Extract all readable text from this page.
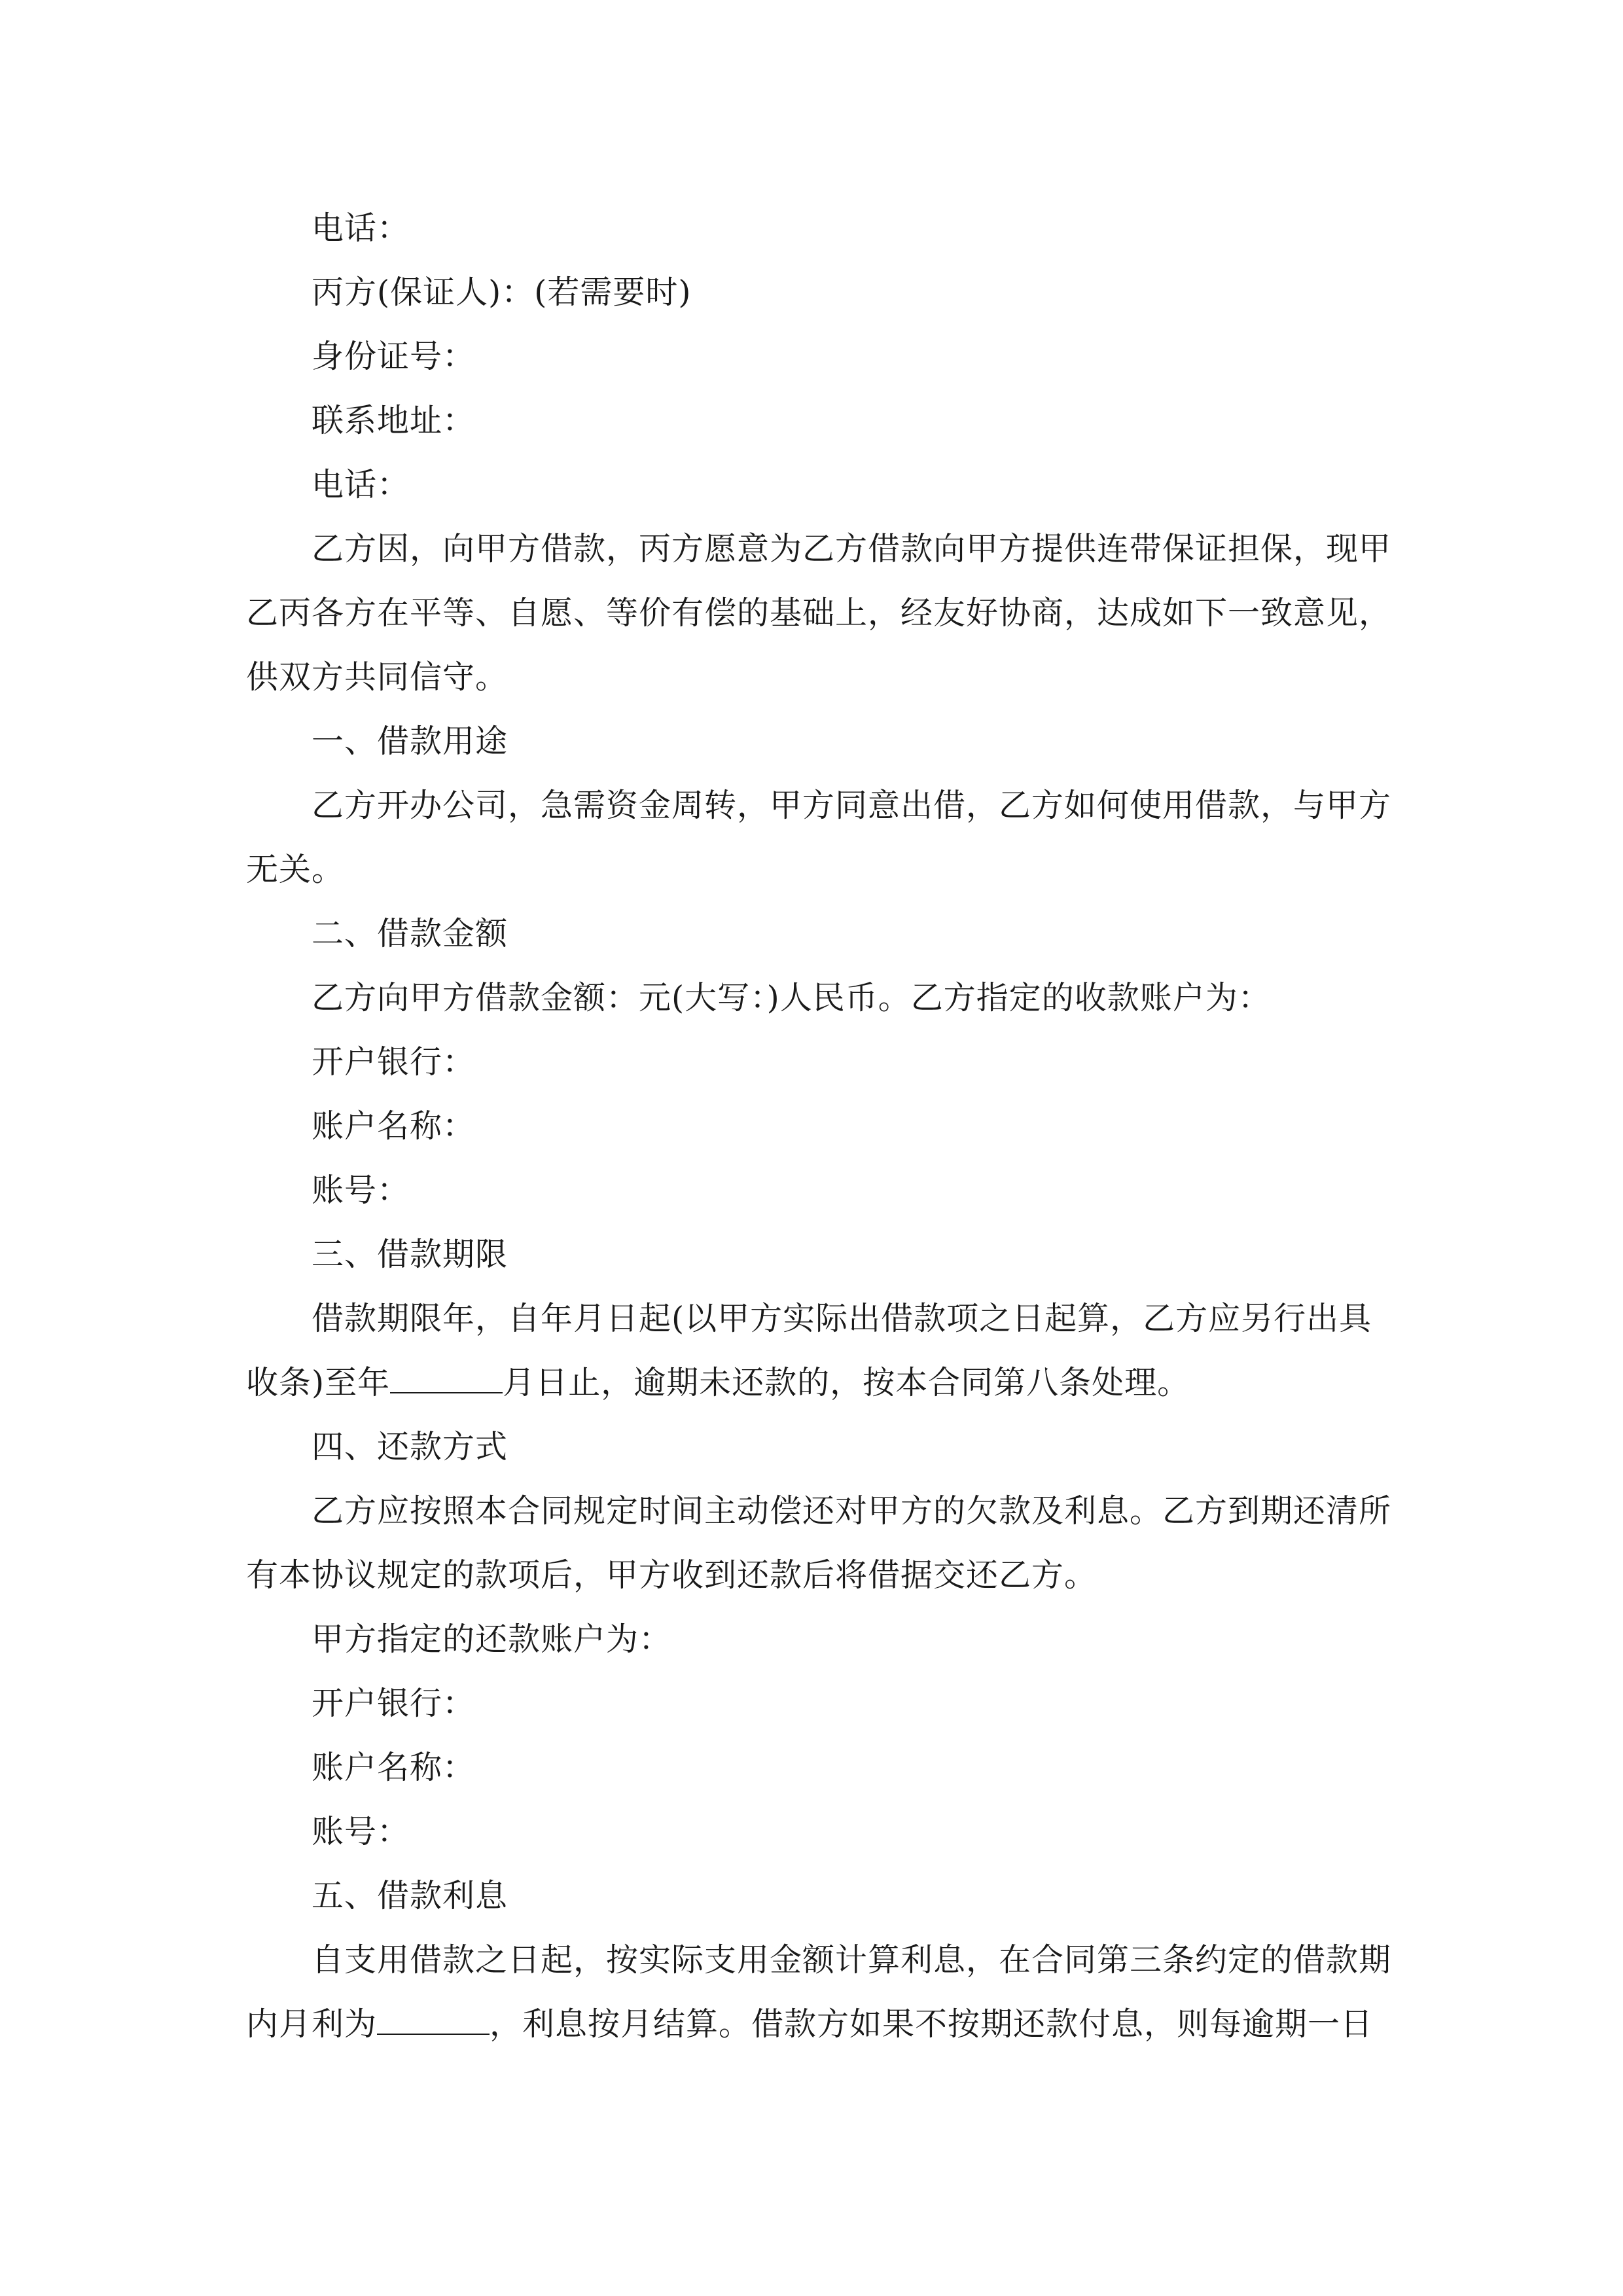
电话：
丙方(保证人)：(若需要时)
身份证号：
联系地址：
电话：
乙方因，向甲方借款，丙方愿意为乙方借款向甲方提供连带保证担保，现甲
乙丙各方在平等、自愿、等价有偿的基础上，经友好协商，达成如下一致意见，
供双方共同信守。
一、借款用途
乙方开办公司，急需资金周转，甲方同意出借，乙方如何使用借款，与甲方
无关。
二、借款金额
乙方向甲方借款金额：元(大写：)人民币。乙方指定的收款账户为：
开户银行：
账户名称：
账号：
三、借款期限
借款期限年，自年月日起(以甲方实际出借款项之日起算，乙方应另行出具
收条)至年	月日止，逾期未还款的，按本合同第八条处理。
四、还款方式
乙方应按照本合同规定时间主动偿还对甲方的欠款及利息。乙方到期还清所
有本协议规定的款项后，甲方收到还款后将借据交还乙方。
甲方指定的还款账户为：
开户银行：
账户名称：
账号：
五、借款利息
自支用借款之日起，按实际支用金额计算利息，在合同第三条约定的借款期
内月利为	，利息按月结算。借款方如果不按期还款付息，则每逾期一日
